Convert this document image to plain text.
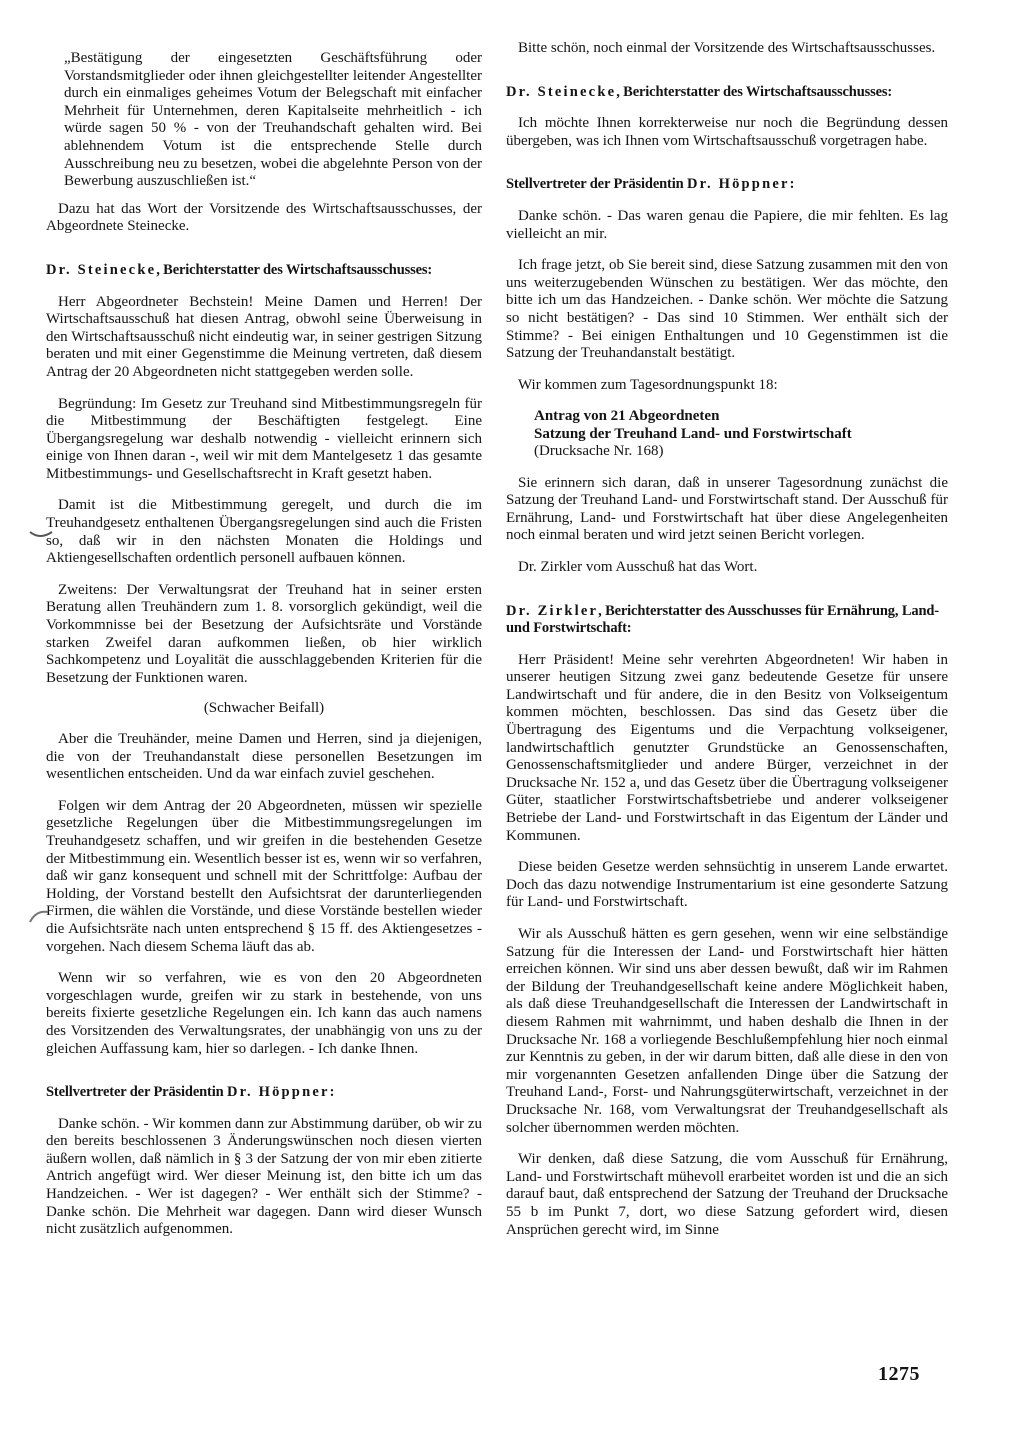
„Bestätigung der eingesetzten Geschäftsführung oder Vorstandsmitglieder oder ihnen gleichgestellter leitender Angestellter durch ein einmaliges geheimes Votum der Belegschaft mit einfacher Mehrheit für Unternehmen, deren Kapitalseite mehrheitlich - ich würde sagen 50 % - von der Treuhandschaft gehalten wird. Bei ablehnendem Votum ist die entsprechende Stelle durch Ausschreibung neu zu besetzen, wobei die abgelehnte Person von der Bewerbung auszuschließen ist.“

Dazu hat das Wort der Vorsitzende des Wirtschaftsausschusses, der Abgeordnete Steinecke.

Dr. Steinecke, Berichterstatter des Wirtschaftsausschusses:

Herr Abgeordneter Bechstein! Meine Damen und Herren! Der Wirtschaftsausschuß hat diesen Antrag, obwohl seine Überweisung in den Wirtschaftsausschuß nicht eindeutig war, in seiner gestrigen Sitzung beraten und mit einer Gegenstimme die Meinung vertreten, daß diesem Antrag der 20 Abgeordneten nicht stattgegeben werden solle.

Begründung: Im Gesetz zur Treuhand sind Mitbestimmungsregeln für die Mitbestimmung der Beschäftigten festgelegt. Eine Übergangsregelung war deshalb notwendig - vielleicht erinnern sich einige von Ihnen daran -, weil wir mit dem Mantelgesetz 1 das gesamte Mitbestimmungs- und Gesellschaftsrecht in Kraft gesetzt haben.

Damit ist die Mitbestimmung geregelt, und durch die im Treuhandgesetz enthaltenen Übergangsregelungen sind auch die Fristen so, daß wir in den nächsten Monaten die Holdings und Aktiengesellschaften ordentlich personell aufbauen können.

Zweitens: Der Verwaltungsrat der Treuhand hat in seiner ersten Beratung allen Treuhändern zum 1. 8. vorsorglich gekündigt, weil die Vorkommnisse bei der Besetzung der Aufsichtsräte und Vorstände starken Zweifel daran aufkommen ließen, ob hier wirklich Sachkompetenz und Loyalität die ausschlaggebenden Kriterien für die Besetzung der Funktionen waren.

(Schwacher Beifall)

Aber die Treuhänder, meine Damen und Herren, sind ja diejenigen, die von der Treuhandanstalt diese personellen Besetzungen im wesentlichen entscheiden. Und da war einfach zuviel geschehen.

Folgen wir dem Antrag der 20 Abgeordneten, müssen wir spezielle gesetzliche Regelungen über die Mitbestimmungsregelungen im Treuhandgesetz schaffen, und wir greifen in die bestehenden Gesetze der Mitbestimmung ein. Wesentlich besser ist es, wenn wir so verfahren, daß wir ganz konsequent und schnell mit der Schrittfolge: Aufbau der Holding, der Vorstand bestellt den Aufsichtsrat der darunterliegenden Firmen, die wählen die Vorstände, und diese Vorstände bestellen wieder die Aufsichtsräte nach unten entsprechend § 15 ff. des Aktiengesetzes - vorgehen. Nach diesem Schema läuft das ab.

Wenn wir so verfahren, wie es von den 20 Abgeordneten vorgeschlagen wurde, greifen wir zu stark in bestehende, von uns bereits fixierte gesetzliche Regelungen ein. Ich kann das auch namens des Vorsitzenden des Verwaltungsrates, der unabhängig von uns zu der gleichen Auffassung kam, hier so darlegen. - Ich danke Ihnen.

Stellvertreter der Präsidentin Dr. Höppner:

Danke schön. - Wir kommen dann zur Abstimmung darüber, ob wir zu den bereits beschlossenen 3 Änderungswünschen noch diesen vierten äußern wollen, daß nämlich in § 3 der Satzung der von mir eben zitierte Antrich angefügt wird. Wer dieser Meinung ist, den bitte ich um das Handzeichen. - Wer ist dagegen? - Wer enthält sich der Stimme? - Danke schön. Die Mehrheit war dagegen. Dann wird dieser Wunsch nicht zusätzlich aufgenommen.

Bitte schön, noch einmal der Vorsitzende des Wirtschaftsausschusses.

Dr. Steinecke, Berichterstatter des Wirtschaftsausschusses:

Ich möchte Ihnen korrekterweise nur noch die Begründung dessen übergeben, was ich Ihnen vom Wirtschaftsausschuß vorgetragen habe.

Stellvertreter der Präsidentin Dr. Höppner:

Danke schön. - Das waren genau die Papiere, die mir fehlten. Es lag vielleicht an mir.

Ich frage jetzt, ob Sie bereit sind, diese Satzung zusammen mit den von uns weiterzugebenden Wünschen zu bestätigen. Wer das möchte, den bitte ich um das Handzeichen. - Danke schön. Wer möchte die Satzung so nicht bestätigen? - Das sind 10 Stimmen. Wer enthält sich der Stimme? - Bei einigen Enthaltungen und 10 Gegenstimmen ist die Satzung der Treuhandanstalt bestätigt.

Wir kommen zum Tagesordnungspunkt 18:

Antrag von 21 Abgeordneten
Satzung der Treuhand Land- und Forstwirtschaft
(Drucksache Nr. 168)

Sie erinnern sich daran, daß in unserer Tagesordnung zunächst die Satzung der Treuhand Land- und Forstwirtschaft stand. Der Ausschuß für Ernährung, Land- und Forstwirtschaft hat über diese Angelegenheiten noch einmal beraten und wird jetzt seinen Bericht vorlegen.

Dr. Zirkler vom Ausschuß hat das Wort.

Dr. Zirkler, Berichterstatter des Ausschusses für Ernährung, Land- und Forstwirtschaft:

Herr Präsident! Meine sehr verehrten Abgeordneten! Wir haben in unserer heutigen Sitzung zwei ganz bedeutende Gesetze für unsere Landwirtschaft und für andere, die in den Besitz von Volkseigentum kommen möchten, beschlossen. Das sind das Gesetz über die Übertragung des Eigentums und die Verpachtung volkseigener, landwirtschaftlich genutzter Grundstücke an Genossenschaften, Genossenschaftsmitglieder und andere Bürger, verzeichnet in der Drucksache Nr. 152 a, und das Gesetz über die Übertragung volkseigener Güter, staatlicher Forstwirtschaftsbetriebe und anderer volkseigener Betriebe der Land- und Forstwirtschaft in das Eigentum der Länder und Kommunen.

Diese beiden Gesetze werden sehnsüchtig in unserem Lande erwartet. Doch das dazu notwendige Instrumentarium ist eine gesonderte Satzung für Land- und Forstwirtschaft.

Wir als Ausschuß hätten es gern gesehen, wenn wir eine selbständige Satzung für die Interessen der Land- und Forstwirtschaft hier hätten erreichen können. Wir sind uns aber dessen bewußt, daß wir im Rahmen der Bildung der Treuhandgesellschaft keine andere Möglichkeit haben, als daß diese Treuhandgesellschaft die Interessen der Landwirtschaft in diesem Rahmen mit wahrnimmt, und haben deshalb die Ihnen in der Drucksache Nr. 168 a vorliegende Beschlußempfehlung hier noch einmal zur Kenntnis zu geben, in der wir darum bitten, daß alle diese in den von mir vorgenannten Gesetzen anfallenden Dinge über die Satzung der Treuhand Land-, Forst- und Nahrungsgüterwirtschaft, verzeichnet in der Drucksache Nr. 168, vom Verwaltungsrat der Treuhandgesellschaft als solcher übernommen werden möchten.

Wir denken, daß diese Satzung, die vom Ausschuß für Ernährung, Land- und Forstwirtschaft mühevoll erarbeitet worden ist und die an sich darauf baut, daß entsprechend der Satzung der Treuhand der Drucksache 55 b im Punkt 7, dort, wo diese Satzung gefordert wird, diesen Ansprüchen gerecht wird, im Sinne

1275
